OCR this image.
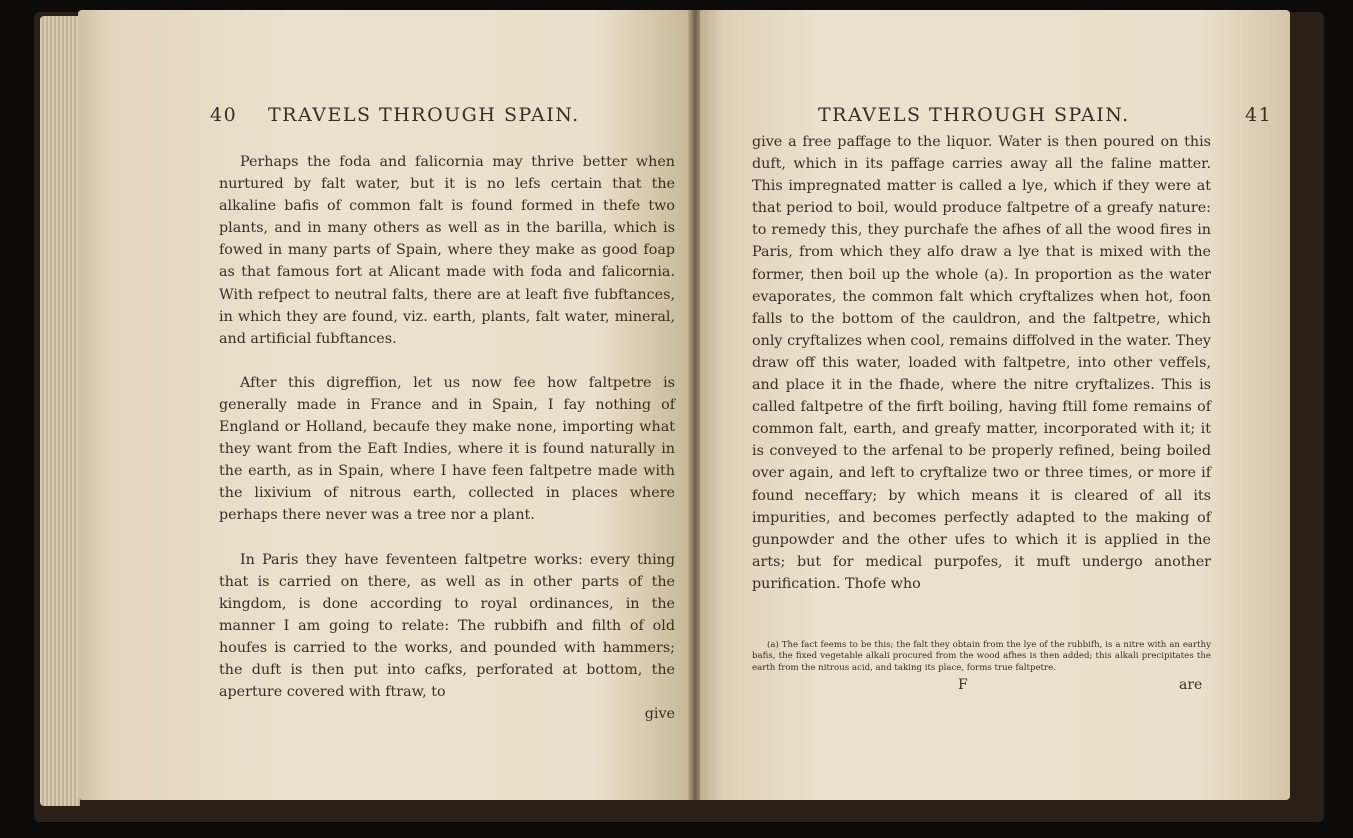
40 TRAVELS THROUGH SPAIN.

Perhaps the foda and falicornia may thrive better when nurtured by falt water, but it is no lefs certain that the alkaline bafis of common falt is found formed in thefe two plants, and in many others as well as in the barilla, which is fowed in many parts of Spain, where they make as good foap as that famous fort at Alicant made with foda and falicornia. With refpect to neutral falts, there are at leaft five fubftances, in which they are found, viz. earth, plants, falt water, mineral, and artificial fubftances.

After this digreffion, let us now fee how faltpetre is generally made in France and in Spain, I fay nothing of England or Holland, becaufe they make none, importing what they want from the Eaft Indies, where it is found naturally in the earth, as in Spain, where I have feen faltpetre made with the lixivium of nitrous earth, collected in places where perhaps there never was a tree nor a plant.

In Paris they have feventeen faltpetre works: every thing that is carried on there, as well as in other parts of the kingdom, is done according to royal ordinances, in the manner I am going to relate: The rubbifh and filth of old houfes is carried to the works, and pounded with hammers; the duft is then put into cafks, perforated at bottom, the aperture covered with ftraw, to

give
TRAVELS THROUGH SPAIN.	41

give a free paffage to the liquor. Water is then poured on this duft, which in its paffage carries away all the faline matter. This impregnated matter is called a lye, which if they were at that period to boil, would produce faltpetre of a greafy nature: to remedy this, they purchafe the afhes of all the wood fires in Paris, from which they alfo draw a lye that is mixed with the former, then boil up the whole (a). In proportion as the water evaporates, the common falt which cryftalizes when hot, foon falls to the bottom of the cauldron, and the faltpetre, which only cryftalizes when cool, remains diffolved in the water. They draw off this water, loaded with faltpetre, into other veffels, and place it in the fhade, where the nitre cryftalizes. This is called faltpetre of the firft boiling, having ftill fome remains of common falt, earth, and greafy matter, incorporated with it; it is conveyed to the arfenal to be properly refined, being boiled over again, and left to cryftalize two or three times, or more if found neceffary; by which means it is cleared of all its impurities, and becomes perfectly adapted to the making of gunpowder and the other ufes to which it is applied in the arts; but for medical purpofes, it muft undergo another purification. Thofe who

(a) The fact feems to be this; the falt they obtain from the lye of the rubbifh, is a nitre with an earthy bafis, the fixed vegetable alkali procured from the wood afhes is then added; this alkali precipitates the earth from the nitrous acid, and taking its place, forms true faltpetre.

F	are
